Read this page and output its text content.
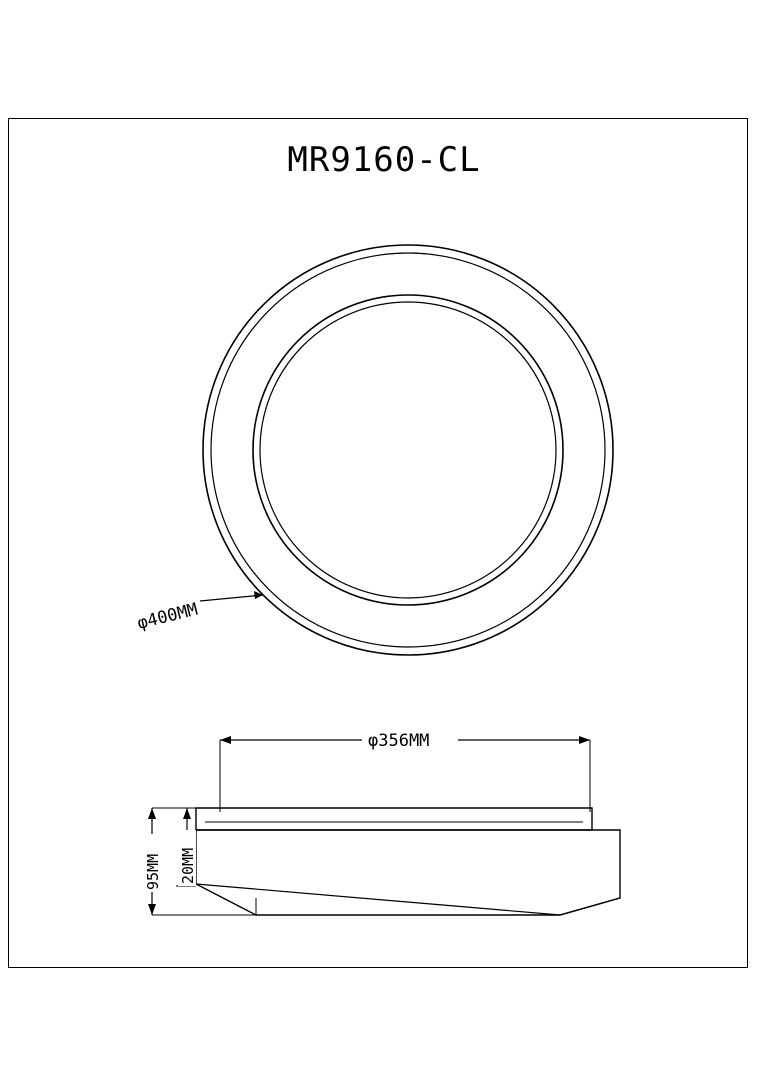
MR9160-CL
φ400MM
φ356MM
95MM 20MM
